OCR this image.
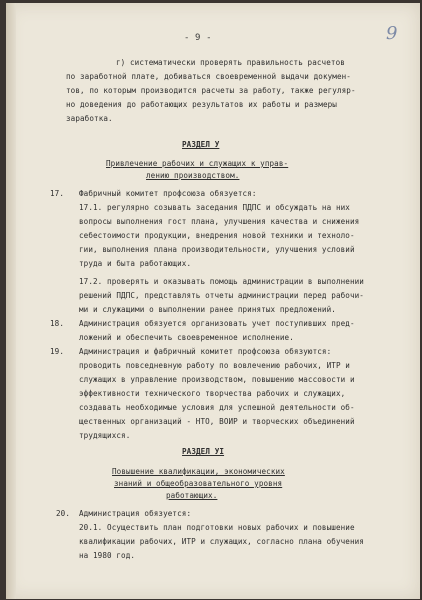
- 9 -	9
г) систематически проверять правильность расчетов
по заработной плате, добиваться своевременной выдачи докумен-
тов, по которым производится расчеты за работу, также регуляр-
но доведения до работающих результатов их работы и размеры
заработка.
РАЗДЕЛ У
Привлечение рабочих и служащих к управ-
лению производством.
17. Фабричный комитет профсоюза обязуется:
17.1. регулярно созывать заседания ПДПС и обсуждать на них
вопросы выполнения гост плана, улучшения качества и снижения
себестоимости продукции, внедрения новой техники и техноло-
гии, выполнения плана производительности, улучшения условий
труда и быта работающих.
17.2. проверять и оказывать помощь администрации в выполнении
решений ПДПС, представлять отчеты администрации перед рабочи-
ми и служащими о выполнении ранее принятых предложений.
18. Администрация обязуется организовать учет поступивших пред-
ложений и обеспечить своевременное исполнение.
19. Администрация и фабричный комитет профсоюза обязуются:
проводить повседневную работу по вовлечению рабочих, ИТР и
служащих в управление производством, повышению массовости и
эффективности технического творчества рабочих и служащих,
создавать необходимые условия для успешной деятельности об-
щественных организаций - НТО, ВОИР и творческих объединений
трудящихся.
РАЗДЕЛ УI
Повышение квалификации, экономических
знаний и общеобразовательного уровня
работающих.
20. Администрация обязуется:
20.1. Осуществить план подготовки новых рабочих и повышение
квалификации рабочих, ИТР и служащих, согласно плана обучения
на 1980 год.
